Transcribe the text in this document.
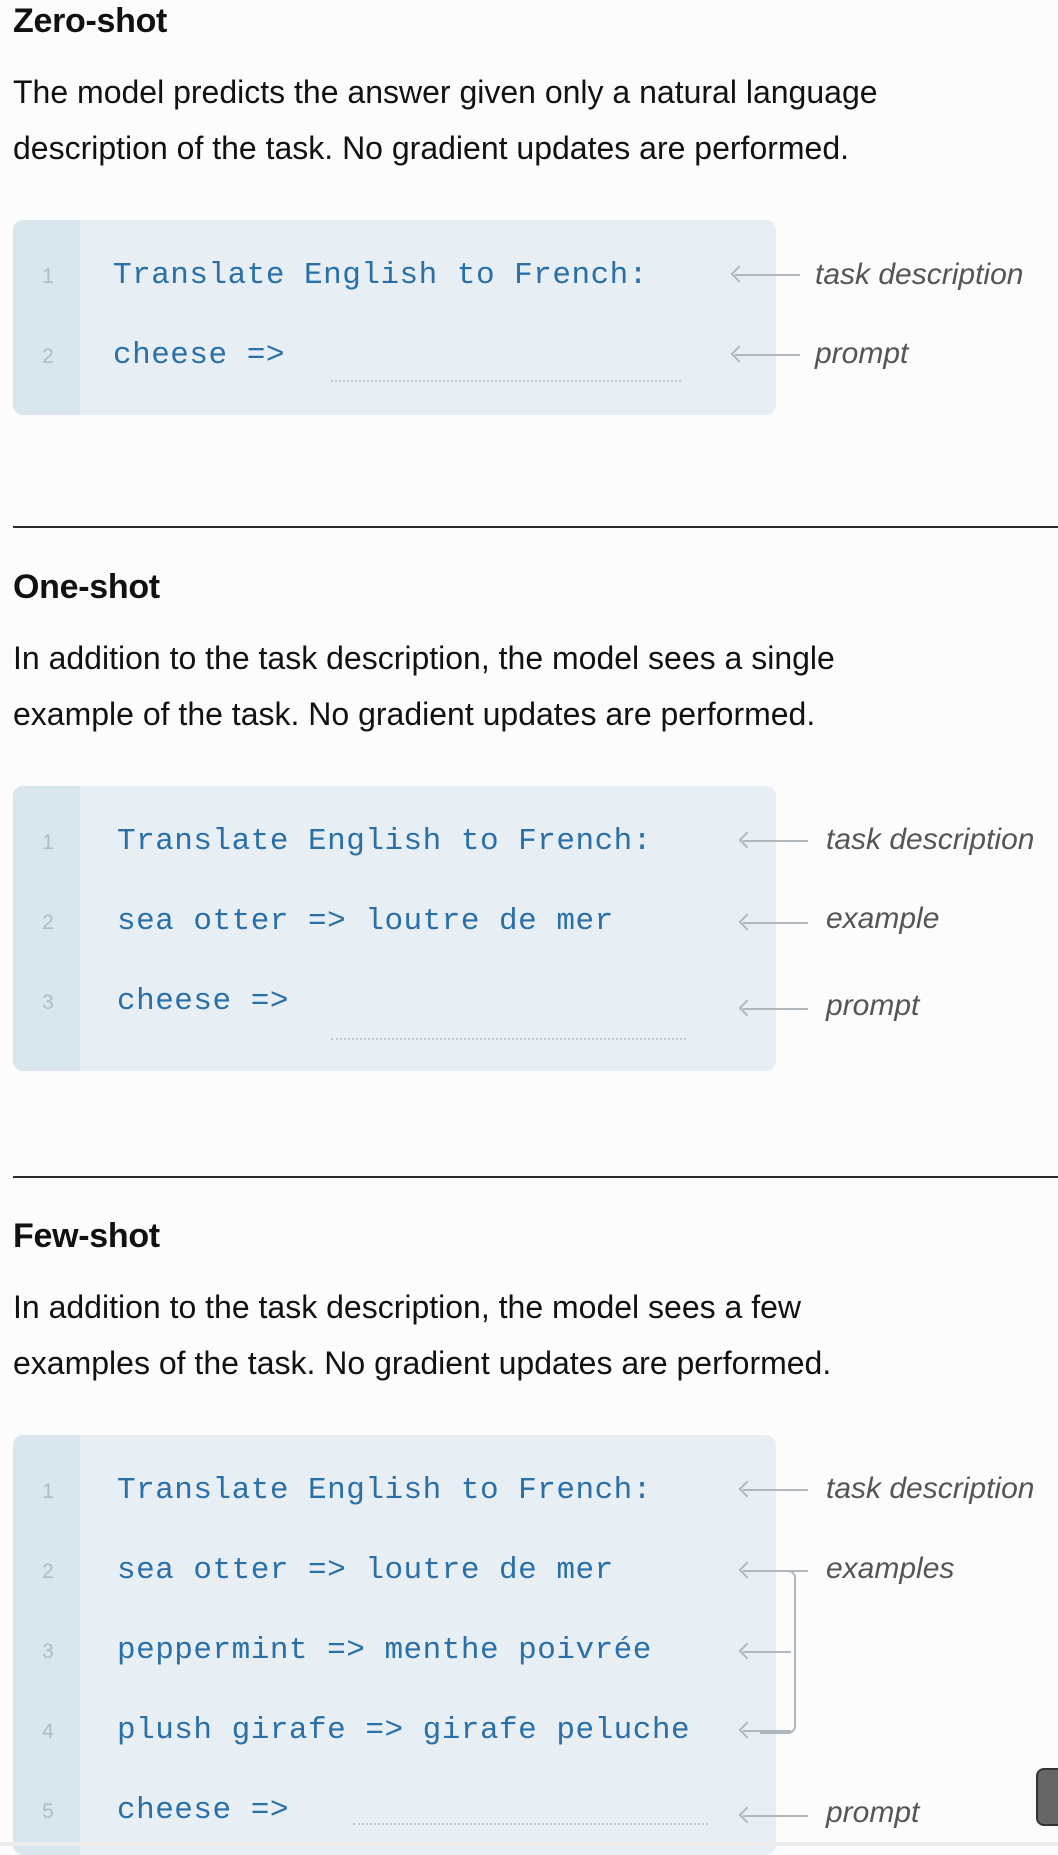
Zero-shot
The model predicts the answer given only a natural language
description of the task. No gradient updates are performed.
1 Translate English to French:
2 cheese =>
task description
prompt
One-shot
In addition to the task description, the model sees a single
example of the task. No gradient updates are performed.
1 Translate English to French:
2 sea otter => loutre de mer
3 cheese =>
task description
example
prompt
Few-shot
In addition to the task description, the model sees a few
examples of the task. No gradient updates are performed.
1 Translate English to French:
2 sea otter => loutre de mer
3 peppermint => menthe poivrée
4 plush girafe => girafe peluche
5 cheese =>
task description
examples
prompt
